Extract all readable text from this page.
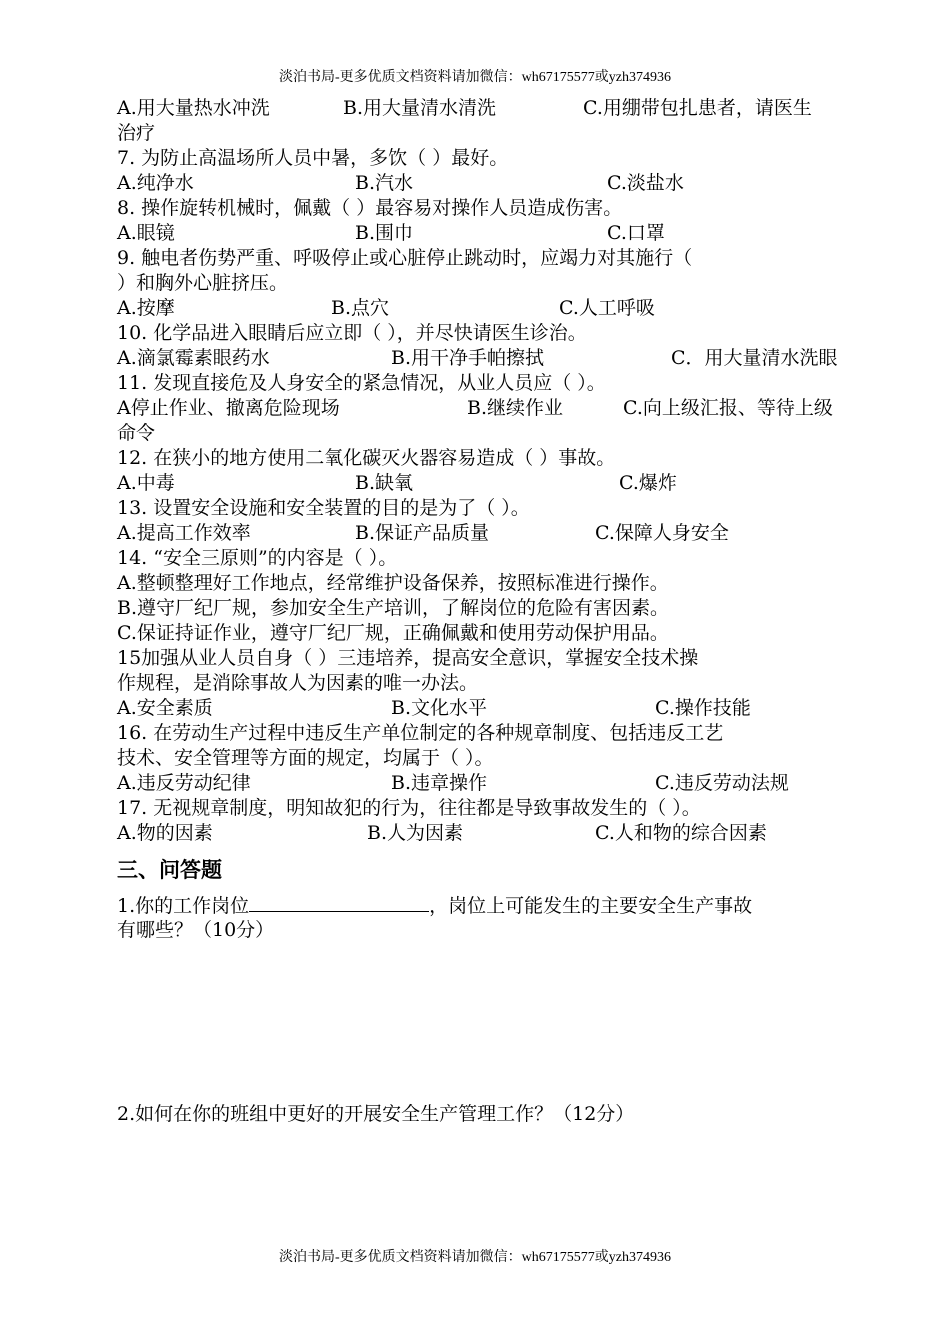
淡泊书局-更多优质文档资料请加微信：wh67175577或yzh374936
A.用大量热水冲洗	B.用大量清水清洗	C.用绷带包扎患者，请医生
治疗
7. 为防止高温场所人员中暑，多饮（ ）最好。
A.纯净水	B.汽水	C.淡盐水
8. 操作旋转机械时，佩戴（ ）最容易对操作人员造成伤害。
A.眼镜	B.围巾	C.口罩
9. 触电者伤势严重、呼吸停止或心脏停止跳动时，应竭力对其施行（
）和胸外心脏挤压。
A.按摩	B.点穴	C.人工呼吸
10. 化学品进入眼睛后应立即（ ），并尽快请医生诊治。
A.滴氯霉素眼药水	B.用干净手帕擦拭	C．用大量清水洗眼
11. 发现直接危及人身安全的紧急情况，从业人员应（ ）。
A停止作业、撤离危险现场	B.继续作业	C.向上级汇报、等待上级
命令
12. 在狭小的地方使用二氧化碳灭火器容易造成（ ）事故。
A.中毒	B.缺氧	C.爆炸
13. 设置安全设施和安全装置的目的是为了（ ）。
A.提高工作效率	B.保证产品质量	C.保障人身安全
14. “安全三原则”的内容是（ ）。
A.整顿整理好工作地点，经常维护设备保养，按照标准进行操作。
B.遵守厂纪厂规，参加安全生产培训，了解岗位的危险有害因素。
C.保证持证作业，遵守厂纪厂规，正确佩戴和使用劳动保护用品。
15加强从业人员自身（ ）三违培养，提高安全意识，掌握安全技术操
作规程，是消除事故人为因素的唯一办法。
A.安全素质	B.文化水平	C.操作技能
16. 在劳动生产过程中违反生产单位制定的各种规章制度、包括违反工艺
技术、安全管理等方面的规定，均属于（ ）。
A.违反劳动纪律	B.违章操作	C.违反劳动法规
17. 无视规章制度，明知故犯的行为，往往都是导致事故发生的（ ）。
A.物的因素	B.人为因素	C.人和物的综合因素
三、问答题
1.你的工作岗位	，岗位上可能发生的主要安全生产事故
有哪些？（10分）
2.如何在你的班组中更好的开展安全生产管理工作？（12分）
淡泊书局-更多优质文档资料请加微信：wh67175577或yzh374936
